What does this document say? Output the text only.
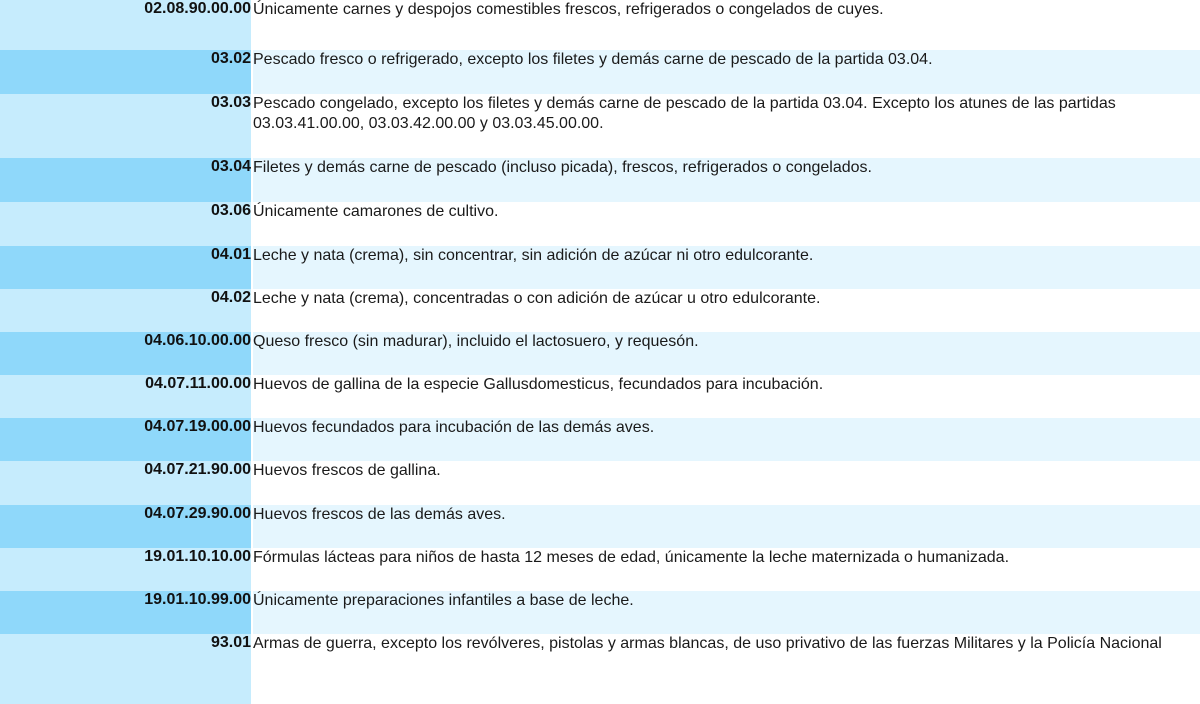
02.08.90.00.00	Únicamente carnes y despojos comestibles frescos, refrigerados o congelados de cuyes.
03.02	Pescado fresco o refrigerado, excepto los filetes y demás carne de pescado de la partida 03.04.
03.03	Pescado congelado, excepto los filetes y demás carne de pescado de la partida 03.04. Excepto los atunes de las partidas 03.03.41.00.00, 03.03.42.00.00 y 03.03.45.00.00.
03.04	Filetes y demás carne de pescado (incluso picada), frescos, refrigerados o congelados.
03.06	Únicamente camarones de cultivo.
04.01	Leche y nata (crema), sin concentrar, sin adición de azúcar ni otro edulcorante.
04.02	Leche y nata (crema), concentradas o con adición de azúcar u otro edulcorante.
04.06.10.00.00	Queso fresco (sin madurar), incluido el lactosuero, y requesón.
04.07.11.00.00	Huevos de gallina de la especie Gallusdomesticus, fecundados para incubación.
04.07.19.00.00	Huevos fecundados para incubación de las demás aves.
04.07.21.90.00	Huevos frescos de gallina.
04.07.29.90.00	Huevos frescos de las demás aves.
19.01.10.10.00	Fórmulas lácteas para niños de hasta 12 meses de edad, únicamente la leche maternizada o humanizada.
19.01.10.99.00	Únicamente preparaciones infantiles a base de leche.
93.01	Armas de guerra, excepto los revólveres, pistolas y armas blancas, de uso privativo de las fuerzas Militares y la Policía Nacional
